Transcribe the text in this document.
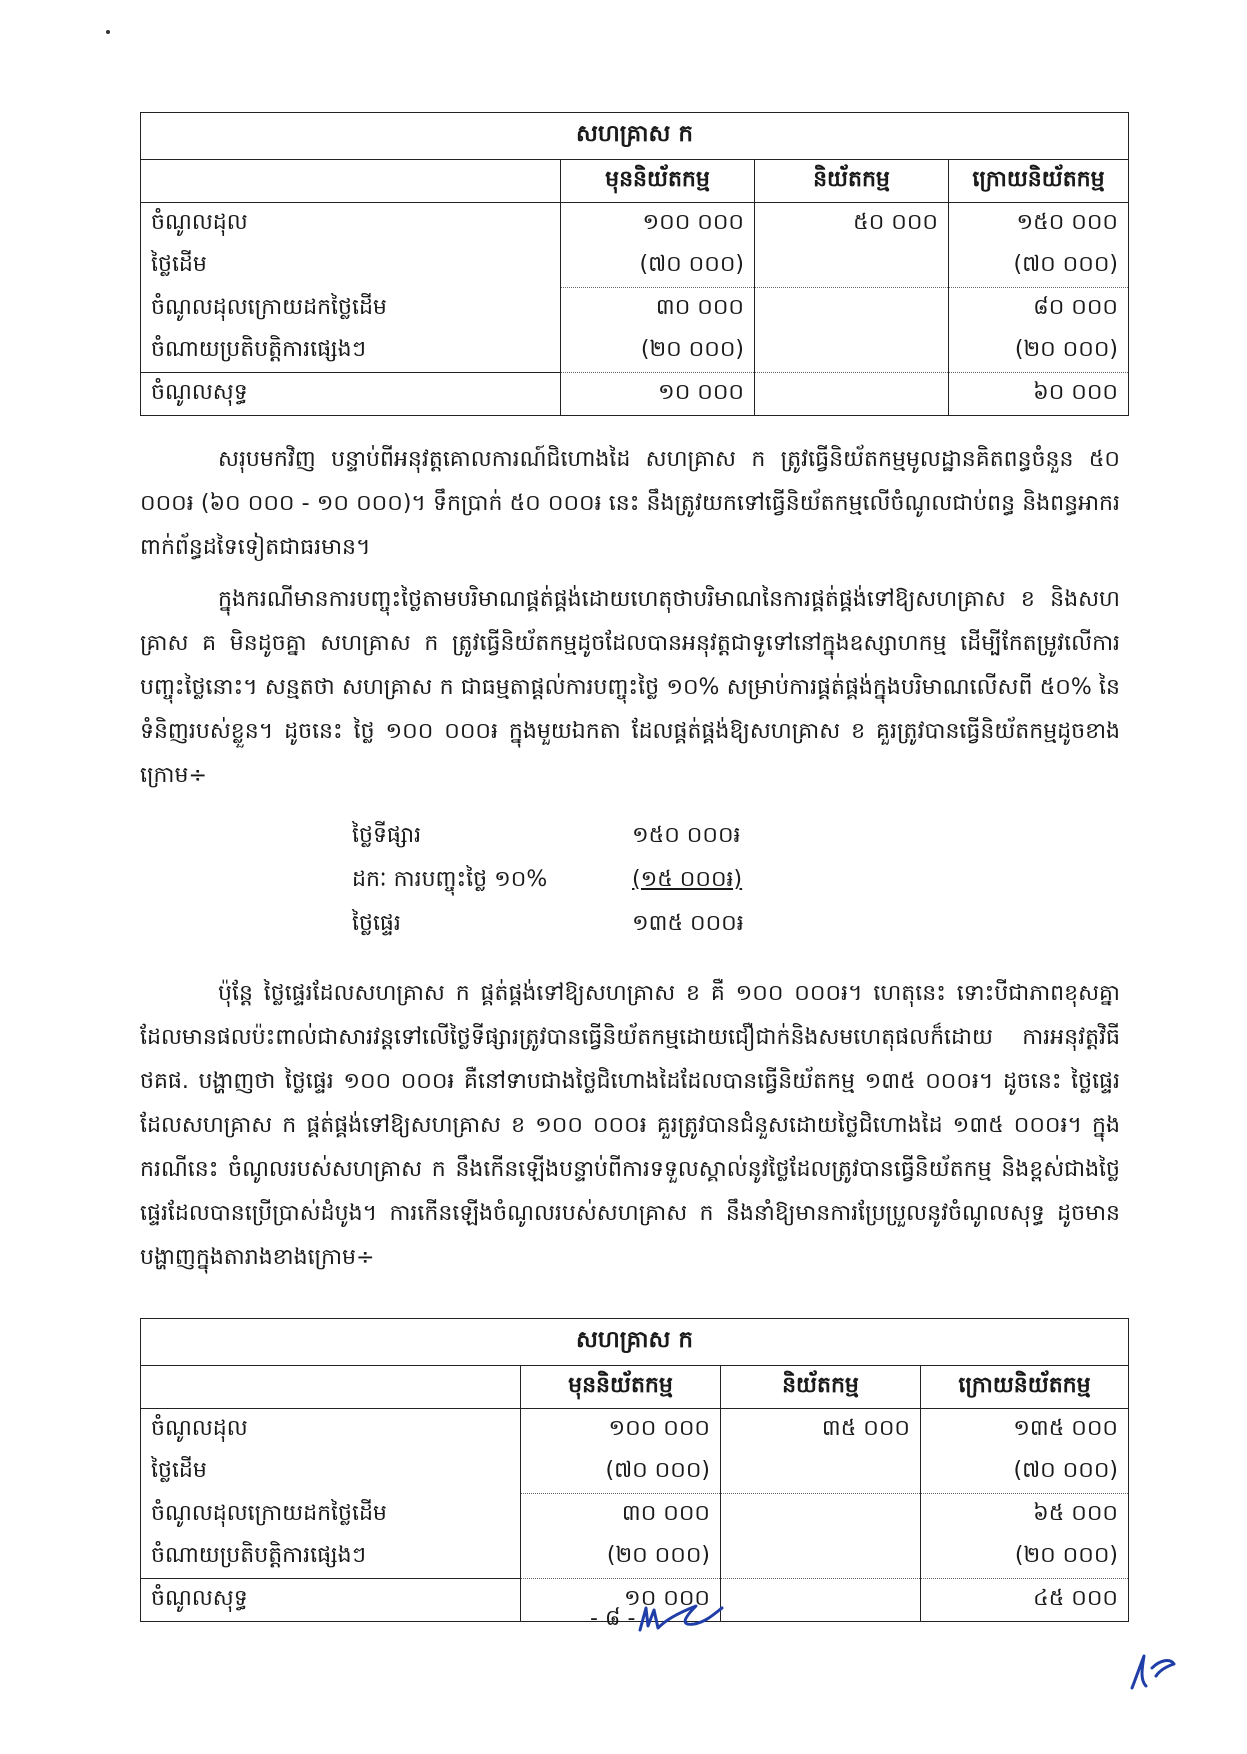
សហគ្រាស ក			
	មុននិយ័តកម្ម	និយ័តកម្ម	ក្រោយនិយ័តកម្ម
ចំណូលដុល	១០០ ០០០	៥០ ០០០	១៥០ ០០០
ថ្លៃដើម	(៧០ ០០០)		(៧០ ០០០)
ចំណូលដុលក្រោយដកថ្លៃដើម	៣០ ០០០		៨០ ០០០
ចំណាយប្រតិបត្តិការផ្សេងៗ	(២០ ០០០)		(២០ ០០០)
ចំណូលសុទ្ធ	១០ ០០០		៦០ ០០០

សរុបមកវិញ បន្ទាប់ពីអនុវត្តគោលការណ៍ជិហោងដៃ សហគ្រាស ក ត្រូវធ្វើនិយ័តកម្មមូលដ្ឋានគិតពន្ធចំនួន ៥០ ០០០៛ (៦០ ០០០ - ១០ ០០០)។ ទឹកប្រាក់ ៥០ ០០០៛ នេះ នឹងត្រូវយកទៅធ្វើនិយ័តកម្មលើចំណូលជាប់ពន្ធ និងពន្ធអាករពាក់ព័ន្ធដទៃទៀតជាធរមាន។

ក្នុងករណីមានការបញ្ចុះថ្លៃតាមបរិមាណផ្គត់ផ្គង់ដោយហេតុថាបរិមាណនៃការផ្គត់ផ្គង់ទៅឱ្យសហគ្រាស ខ និងសហគ្រាស គ មិនដូចគ្នា សហគ្រាស ក ត្រូវធ្វើនិយ័តកម្មដូចដែលបានអនុវត្តជាទូទៅនៅក្នុងឧស្សាហកម្ម ដើម្បីកែតម្រូវលើការបញ្ចុះថ្លៃនោះ។ សន្មតថា សហគ្រាស ក ជាធម្មតាផ្តល់ការបញ្ចុះថ្លៃ ១០% សម្រាប់ការផ្គត់ផ្គង់ក្នុងបរិមាណលើសពី ៥០% នៃទំនិញរបស់ខ្លួន។ ដូចនេះ ថ្លៃ ១០០ ០០០៛ ក្នុងមួយឯកតា ដែលផ្គត់ផ្គង់ឱ្យសហគ្រាស ខ គួរត្រូវបានធ្វើនិយ័តកម្មដូចខាងក្រោម÷

ថ្លៃទីផ្សារ	១៥០ ០០០៛
ដកៈ ការបញ្ចុះថ្លៃ ១០%	(១៥ ០០០៛)
ថ្លៃផ្ទេរ	១៣៥ ០០០៛

ប៉ុន្តែ ថ្លៃផ្ទេរដែលសហគ្រាស ក ផ្គត់ផ្គង់ទៅឱ្យសហគ្រាស ខ គឺ ១០០ ០០០៛។ ហេតុនេះ ទោះបីជាភាពខុសគ្នាដែលមានផលប៉ះពាល់ជាសារវន្តទៅលើថ្លៃទីផ្សារត្រូវបានធ្វើនិយ័តកម្មដោយជឿជាក់និងសមហេតុផលក៏ដោយ ការអនុវត្តវិធី ថគផ. បង្ហាញថា ថ្លៃផ្ទេរ ១០០ ០០០៛ គឺនៅទាបជាងថ្លៃជិហោងដៃដែលបានធ្វើនិយ័តកម្ម ១៣៥ ០០០៛។ ដូចនេះ ថ្លៃផ្ទេរដែលសហគ្រាស ក ផ្គត់ផ្គង់ទៅឱ្យសហគ្រាស ខ ១០០ ០០០៛ គួរត្រូវបានជំនួសដោយថ្លៃជិហោងដៃ ១៣៥ ០០០៛។ ក្នុងករណីនេះ ចំណូលរបស់សហគ្រាស ក នឹងកើនឡើងបន្ទាប់ពីការទទួលស្គាល់នូវថ្លៃដែលត្រូវបានធ្វើនិយ័តកម្ម និងខ្ពស់ជាងថ្លៃផ្ទេរដែលបានប្រើប្រាស់ដំបូង។ ការកើនឡើងចំណូលរបស់សហគ្រាស ក នឹងនាំឱ្យមានការប្រែប្រួលនូវចំណូលសុទ្ធ ដូចមានបង្ហាញក្នុងតារាងខាងក្រោម÷

សហគ្រាស ក			
	មុននិយ័តកម្ម	និយ័តកម្ម	ក្រោយនិយ័តកម្ម
ចំណូលដុល	១០០ ០០០	៣៥ ០០០	១៣៥ ០០០
ថ្លៃដើម	(៧០ ០០០)		(៧០ ០០០)
ចំណូលដុលក្រោយដកថ្លៃដើម	៣០ ០០០		៦៥ ០០០
ចំណាយប្រតិបត្តិការផ្សេងៗ	(២០ ០០០)		(២០ ០០០)
ចំណូលសុទ្ធ	១០ ០០០		៤៥ ០០០
- ៨ -
